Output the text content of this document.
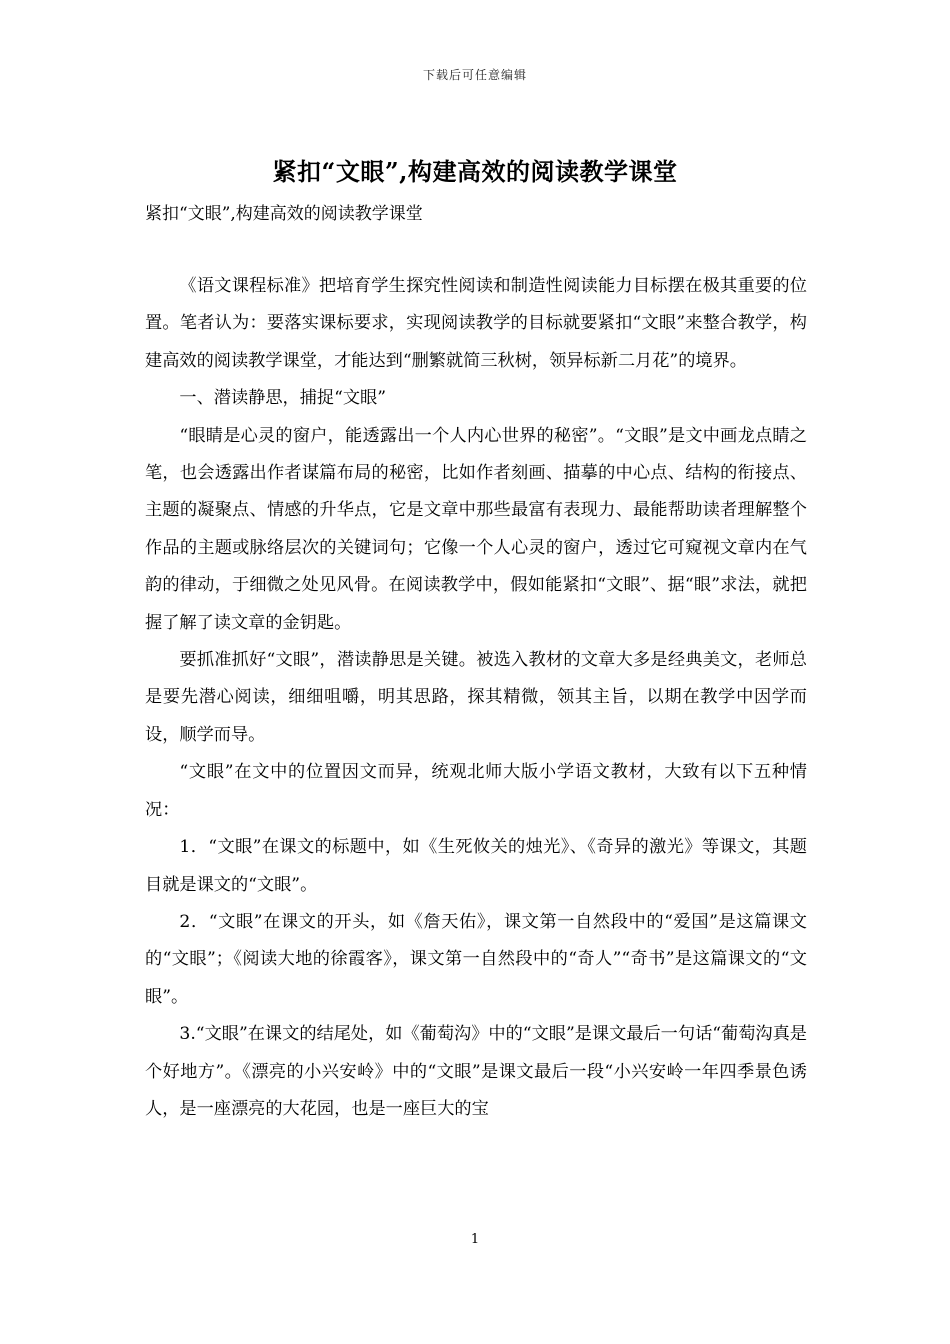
下载后可任意编辑
紧扣“文眼”,构建高效的阅读教学课堂
紧扣“文眼”,构建高效的阅读教学课堂

《语文课程标准》把培育学生探究性阅读和制造性阅读能力目标摆在极其重要的位置。笔者认为：要落实课标要求，实现阅读教学的目标就要紧扣“文眼”来整合教学，构建高效的阅读教学课堂，才能达到“删繁就简三秋树，领异标新二月花”的境界。

一、潜读静思，捕捉“文眼”

“眼睛是心灵的窗户，能透露出一个人内心世界的秘密”。“文眼”是文中画龙点睛之笔，也会透露出作者谋篇布局的秘密，比如作者刻画、描摹的中心点、结构的衔接点、主题的凝聚点、情感的升华点，它是文章中那些最富有表现力、最能帮助读者理解整个作品的主题或脉络层次的关键词句；它像一个人心灵的窗户，透过它可窥视文章内在气韵的律动，于细微之处见风骨。在阅读教学中，假如能紧扣“文眼”、据“眼”求法，就把握了解了读文章的金钥匙。

要抓准抓好“文眼”，潜读静思是关键。被选入教材的文章大多是经典美文，老师总是要先潜心阅读，细细咀嚼，明其思路，探其精微，领其主旨，以期在教学中因学而设，顺学而导。

“文眼”在文中的位置因文而异，统观北师大版小学语文教材，大致有以下五种情况：

1．“文眼”在课文的标题中，如《生死攸关的烛光》、《奇异的激光》等课文，其题目就是课文的“文眼”。

2．“文眼”在课文的开头，如《詹天佑》，课文第一自然段中的“爱国”是这篇课文的“文眼”；《阅读大地的徐霞客》，课文第一自然段中的“奇人”“奇书”是这篇课文的“文眼”。

3.“文眼”在课文的结尾处，如《葡萄沟》中的“文眼”是课文最后一句话“葡萄沟真是个好地方”。《漂亮的小兴安岭》中的“文眼”是课文最后一段“小兴安岭一年四季景色诱人，是一座漂亮的大花园，也是一座巨大的宝

1
